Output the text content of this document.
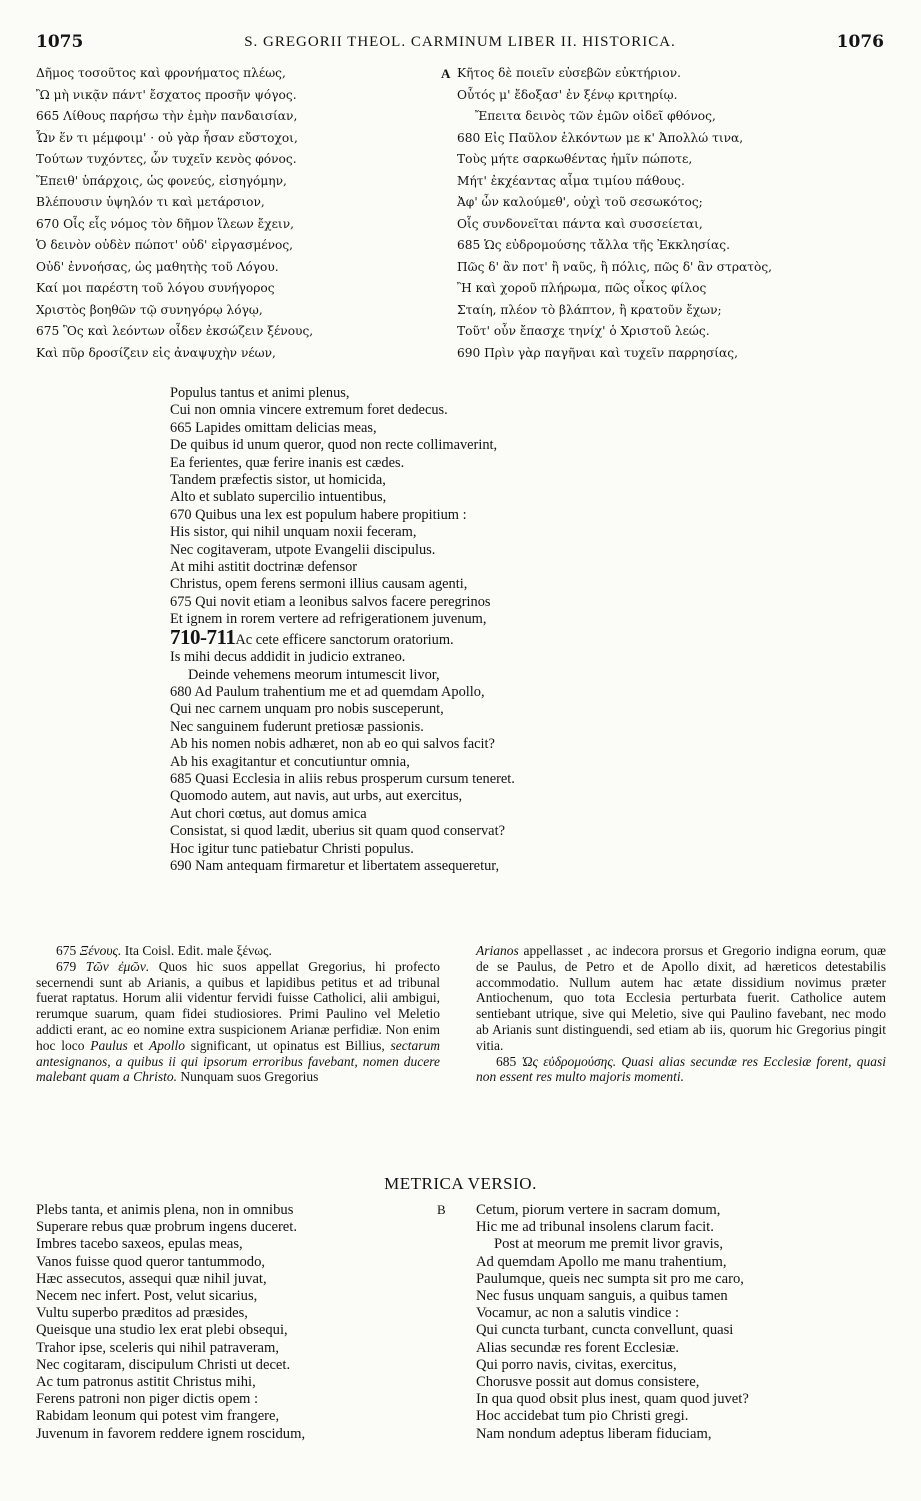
1075	S. GREGORII THEOL. CARMINUM LIBER II. HISTORICA.	1076
Δῆμος τοσοῦτος καὶ φρονήματος πλέως,
Ὢ μὴ νικᾷν πάντ' ἔσχατος προσῆν ψόγος.
665 Λίθους παρήσω τὴν ἐμὴν πανδαισίαν,
Ὧν ἕν τι μέμφοιμ' · οὐ γὰρ ἦσαν εὔστοχοι,
Τούτων τυχόντες, ὧν τυχεῖν κενὸς φόνος.
Ἔπειθ' ὑπάρχοις, ὡς φονεύς, εἰσηγόμην,
Βλέπουσιν ὑψηλόν τι καὶ μετάρσιον,
670 Οἷς εἷς νόμος τὸν δῆμον ἵλεων ἔχειν,
Ὁ δεινὸν οὐδὲν πώποτ' οὐδ' εἰργασμένος,
Οὐδ' ἐννοήσας, ὡς μαθητὴς τοῦ Λόγου.
Καί μοι παρέστη τοῦ λόγου συνήγορος
Χριστὸς βοηθῶν τῷ συνηγόρῳ λόγῳ,
675 Ὃς καὶ λεόντων οἶδεν ἐκσώζειν ξένους,
Καὶ πῦρ δροσίζειν εἰς ἀναψυχὴν νέων,
A Κῆτος δὲ ποιεῖν εὐσεβῶν εὐκτήριον.
Οὗτός μ' ἔδοξασ' ἐν ξένῳ κριτηρίῳ.
Ἔπειτα δεινὸς τῶν ἐμῶν οἰδεῖ φθόνος,
680 Εἰς Παῦλον ἑλκόντων με κ' Ἀπολλώ τινα,
Τοὺς μήτε σαρκωθέντας ἡμῖν πώποτε,
Μήτ' ἐκχέαντας αἷμα τιμίου πάθους.
Ἀφ' ὧν καλούμεθ', οὐχὶ τοῦ σεσωκότος;
Οἷς συνδονεῖται πάντα καὶ συσσείεται,
685 Ὡς εὐδρομούσης τἄλλα τῆς Ἐκκλησίας.
Πῶς δ' ἂν ποτ' ἢ ναῦς, ἢ πόλις, πῶς δ' ἂν στρατὸς,
Ἢ καὶ χοροῦ πλήρωμα, πῶς οἶκος φίλος
Σταίη, πλέον τὸ βλάπτον, ἢ κρατοῦν ἔχων;
Τοῦτ' οὖν ἔπασχε τηνίχ' ὁ Χριστοῦ λεώς.
690 Πρὶν γὰρ παγῆναι καὶ τυχεῖν παρρησίας,
Populus tantus et animi plenus,
Cui non omnia vincere extremum foret dedecus.
665 Lapides omittam delicias meas,
De quibus id unum queror, quod non recte collimaverint,
Ea ferientes, quæ ferire inanis est cædes.
Tandem præfectis sistor, ut homicida,
Alto et sublato supercilio intuentibus,
670 Quibus una lex est populum habere propitium :
His sistor, qui nihil unquam noxii feceram,
Nec cogitaveram, utpote Evangelii discipulus.
At mihi astitit doctrinæ defensor
Christus, opem ferens sermoni illius causam agenti,
675 Qui novit etiam a leonibus salvos facere peregrinos
Et ignem in rorem vertere ad refrigerationem juvenum,
710-711Ac cete efficere sanctorum oratorium.
Is mihi decus addidit in judicio extraneo.
Deinde vehemens meorum intumescit livor,
680 Ad Paulum trahentium me et ad quemdam Apollo,
Qui nec carnem unquam pro nobis susceperunt,
Nec sanguinem fuderunt pretiosæ passionis.
Ab his nomen nobis adhæret, non ab eo qui salvos facit?
Ab his exagitantur et concutiuntur omnia,
685 Quasi Ecclesia in aliis rebus prosperum cursum teneret.
Quomodo autem, aut navis, aut urbs, aut exercitus,
Aut chori cœtus, aut domus amica
Consistat, si quod lædit, uberius sit quam quod conservat?
Hoc igitur tunc patiebatur Christi populus.
690 Nam antequam firmaretur et libertatem assequeretur,

675 Ξένους. Ita Coisl. Edit. male ξένως.

679 Τῶν ἐμῶν. Quos hic suos appellat Gregorius, hi profecto secernendi sunt ab Arianis, a quibus et lapidibus petitus et ad tribunal fuerat raptatus. Horum alii videntur fervidi fuisse Catholici, alii ambigui, rerumque suarum, quam fidei studiosiores. Primi Paulino vel Meletio addicti erant, ac eo nomine extra suspicionem Arianæ perfidiæ. Non enim hoc loco Paulus et Apollo significant, ut opinatus est Billius, sectarum antesignanos, a quibus ii qui ipsorum erroribus favebant, nomen ducere malebant quam a Christo. Nunquam suos Gregorius

Arianos appellasset , ac indecora prorsus et Gregorio indigna eorum, quæ de se Paulus, de Petro et de Apollo dixit, ad hæreticos detestabilis accommodatio. Nullum autem hac ætate dissidium novimus præter Antiochenum, quo tota Ecclesia perturbata fuerit. Catholice autem sentiebant utrique, sive qui Meletio, sive qui Paulino favebant, nec modo ab Arianis sunt distinguendi, sed etiam ab iis, quorum hic Gregorius pingit vitia.

685 Ὡς εὐδρομούσης. Quasi alias secundæ res Ecclesiæ forent, quasi non essent res multo majoris momenti.

METRICA VERSIO.
B
Plebs tanta, et animis plena, non in omnibus
Superare rebus quæ probrum ingens duceret.
Imbres tacebo saxeos, epulas meas,
Vanos fuisse quod queror tantummodo,
Hæc assecutos, assequi quæ nihil juvat,
Necem nec infert. Post, velut sicarius,
Vultu superbo præditos ad præsides,
Queisque una studio lex erat plebi obsequi,
Trahor ipse, sceleris qui nihil patraveram,
Nec cogitaram, discipulum Christi ut decet.
Ac tum patronus astitit Christus mihi,
Ferens patroni non piger dictis opem :
Rabidam leonum qui potest vim frangere,
Juvenum in favorem reddere ignem roscidum,
Cetum, piorum vertere in sacram domum,
Hic me ad tribunal insolens clarum facit.
Post at meorum me premit livor gravis,
Ad quemdam Apollo me manu trahentium,
Paulumque, queis nec sumpta sit pro me caro,
Nec fusus unquam sanguis, a quibus tamen
Vocamur, ac non a salutis vindice :
Qui cuncta turbant, cuncta convellunt, quasi
Alias secundæ res forent Ecclesiæ.
Qui porro navis, civitas, exercitus,
Chorusve possit aut domus consistere,
In qua quod obsit plus inest, quam quod juvet?
Hoc accidebat tum pio Christi gregi.
Nam nondum adeptus liberam fiduciam,
